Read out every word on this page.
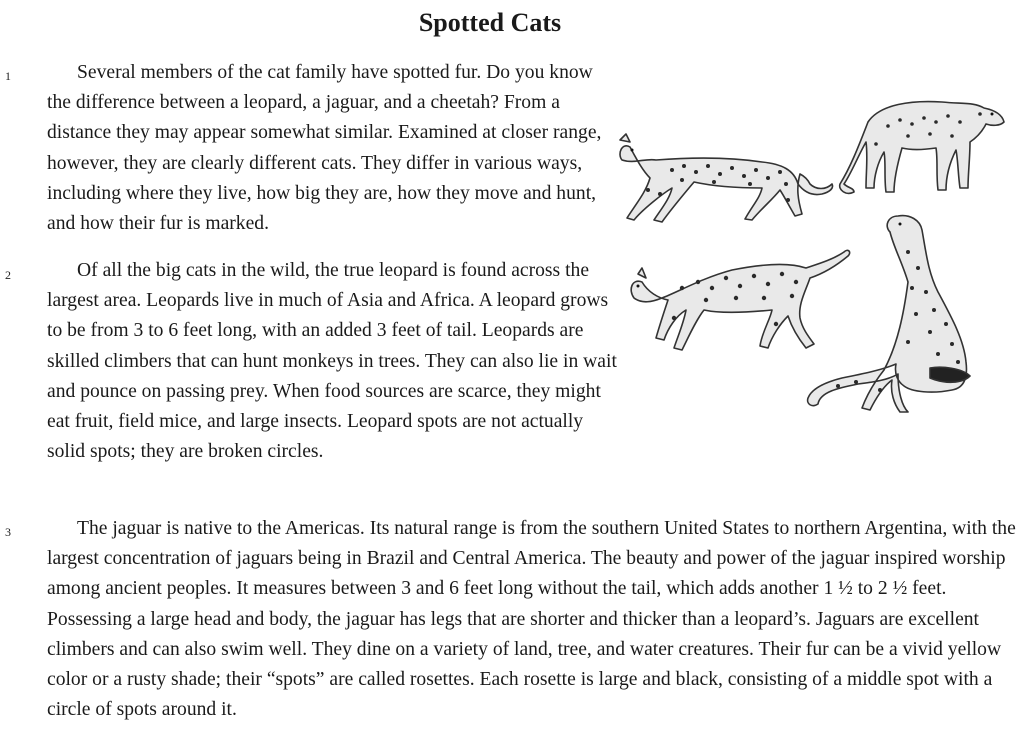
Spotted Cats
1	Several members of the cat family have spotted fur. Do you know the difference between a leopard, a jaguar, and a cheetah? From a distance they may appear somewhat similar. Examined at closer range, however, they are clearly different cats. They differ in various ways, including where they live, how big they are, how they move and hunt, and how their fur is marked.

2	Of all the big cats in the wild, the true leopard is found across the largest area. Leopards live in much of Asia and Africa. A leopard grows to be from 3 to 6 feet long, with an added 3 feet of tail. Leopards are skilled climbers that can hunt monkeys in trees. They can also lie in wait and pounce on passing prey. When food sources are scarce, they might eat fruit, field mice, and large insects. Leopard spots are not actually solid spots; they are broken circles.

3	The jaguar is native to the Americas. Its natural range is from the southern United States to northern Argentina, with the largest concentration of jaguars being in Brazil and Central America. The beauty and power of the jaguar inspired worship among ancient peoples. It measures between 3 and 6 feet long without the tail, which adds another 1 ½ to 2 ½ feet. Possessing a large head and body, the jaguar has legs that are shorter and thicker than a leopard’s. Jaguars are excellent climbers and can also swim well. They dine on a variety of land, tree, and water creatures. Their fur can be a vivid yellow color or a rusty shade; their “spots” are called rosettes. Each rosette is large and black, consisting of a middle spot with a circle of spots around it.
